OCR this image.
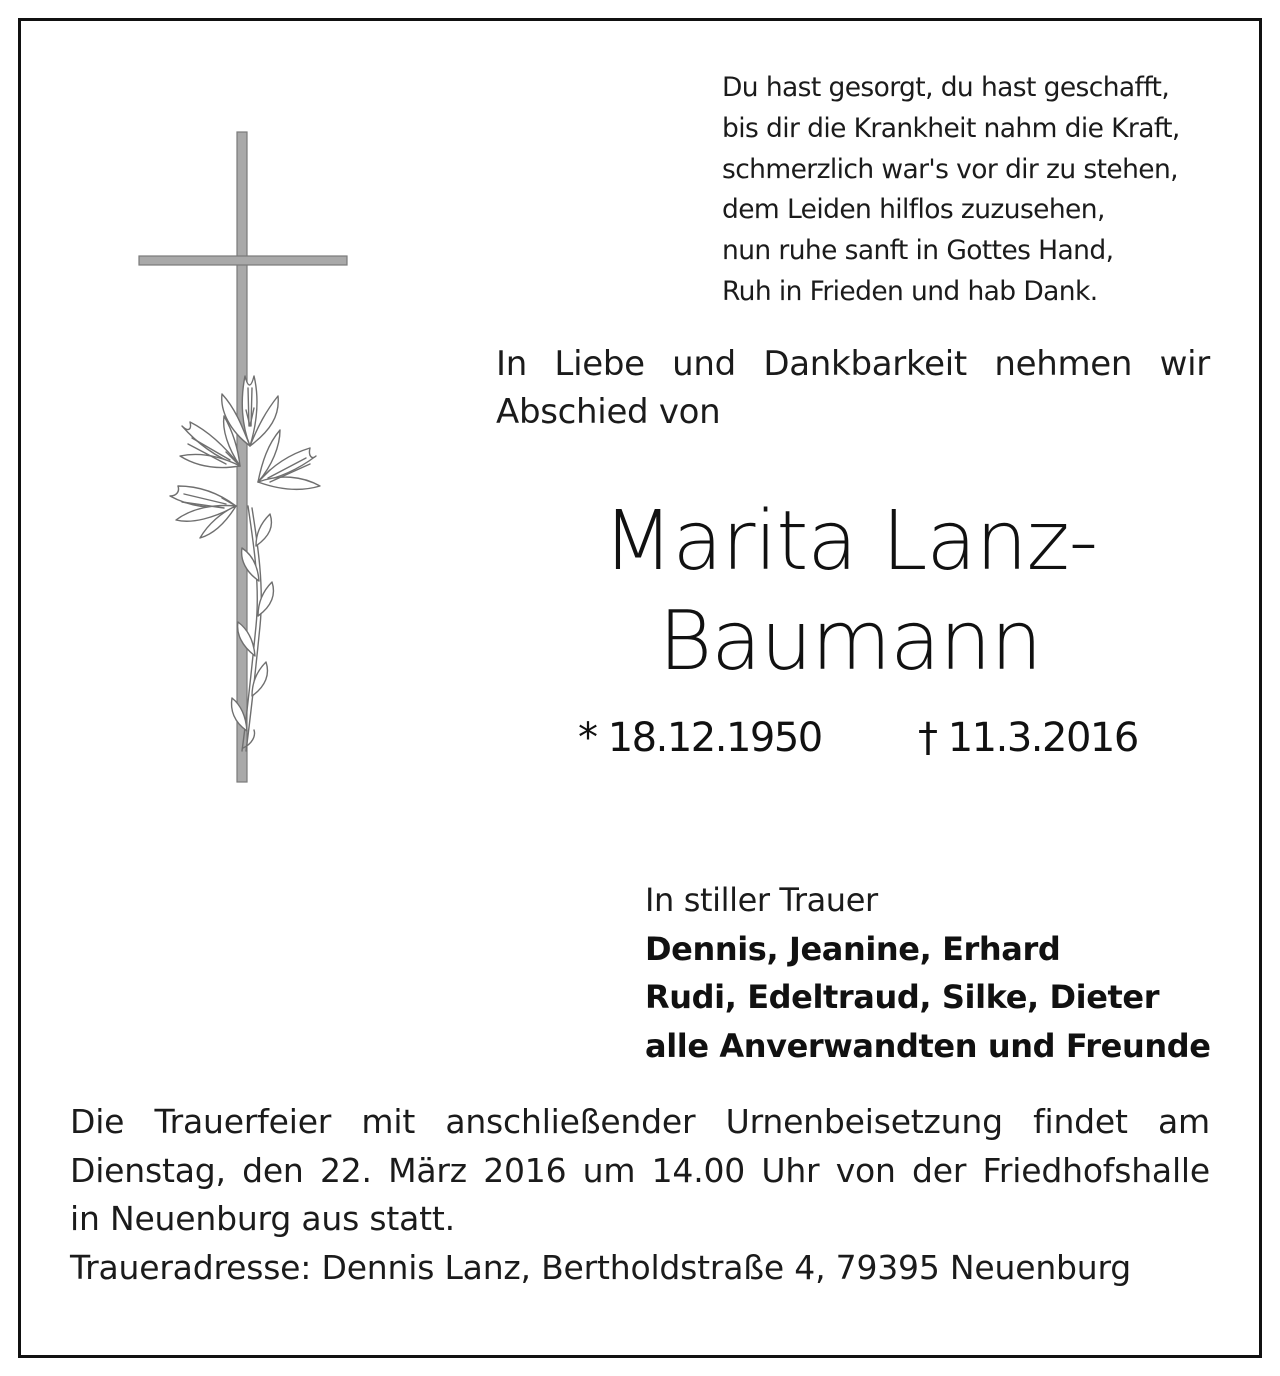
Du hast gesorgt, du hast geschafft,
bis dir die Krankheit nahm die Kraft,
schmerzlich war's vor dir zu stehen,
dem Leiden hilflos zuzusehen,
nun ruhe sanft in Gottes Hand,
Ruh in Frieden und hab Dank.
In Liebe und Dankbarkeit nehmen wir
Abschied von
Marita Lanz-
Baumann
* 18.12.1950 † 11.3.2016
In stiller Trauer
Dennis, Jeanine, Erhard
Rudi, Edeltraud, Silke, Dieter
alle Anverwandten und Freunde
Die Trauerfeier mit anschließender Urnenbeisetzung findet am
Dienstag, den 22. März 2016 um 14.00 Uhr von der Friedhofshalle
in Neuenburg aus statt.
Traueradresse: Dennis Lanz, Bertholdstraße 4, 79395 Neuenburg
